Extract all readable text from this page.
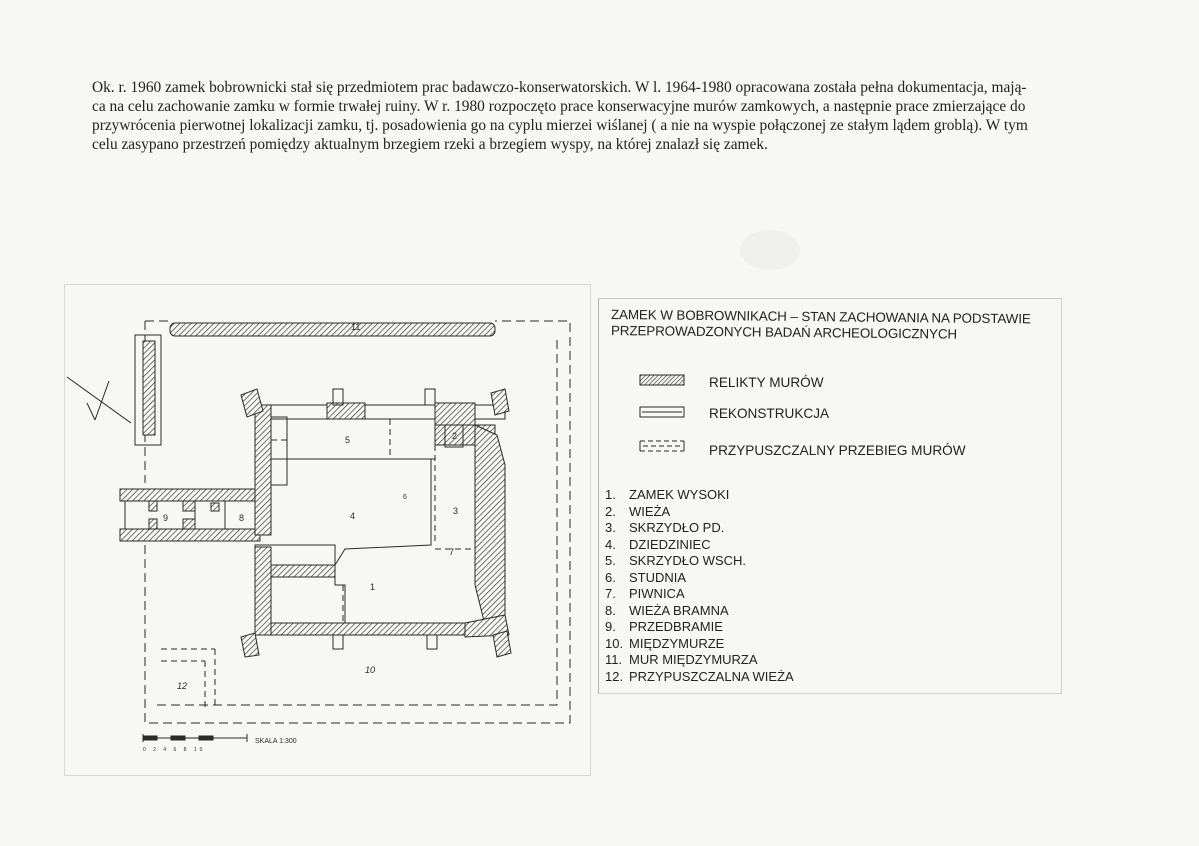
Ok. r. 1960 zamek bobrownicki stał się przedmiotem prac badawczo-konserwatorskich. W l. 1964-1980 opracowana została pełna dokumentacja, mają-
ca na celu zachowanie zamku w formie trwałej ruiny. W r. 1980 rozpoczęto prace konserwacyjne murów zamkowych, a następnie prace zmierzające do
przywrócenia pierwotnej lokalizacji zamku, tj. posadowienia go na cyplu mierzei wiślanej ( a nie na wyspie połączonej ze stałym lądem groblą). W tym
celu zasypano przestrzeń pomiędzy aktualnym brzegiem rzeki a brzegiem wyspy, na której znalazł się zamek.
1
2
3
4
5
6
7
8
9
10
11
12
SKALA 1:300
0 2 4 6 8 10
ZAMEK W BOBROWNIKACH – STAN ZACHOWANIA NA PODSTAWIE
PRZEPROWADZONYCH BADAŃ ARCHEOLOGICZNYCH
RELIKTY MURÓW
REKONSTRUKCJA
PRZYPUSZCZALNY PRZEBIEG MURÓW
1. ZAMEK WYSOKI
2. WIEŻA
3. SKRZYDŁO PD.
4. DZIEDZINIEC
5. SKRZYDŁO WSCH.
6. STUDNIA
7. PIWNICA
8. WIEŻA BRAMNA
9. PRZEDBRAMIE
10. MIĘDZYMURZE
11. MUR MIĘDZYMURZA
12. PRZYPUSZCZALNA WIEŻA
